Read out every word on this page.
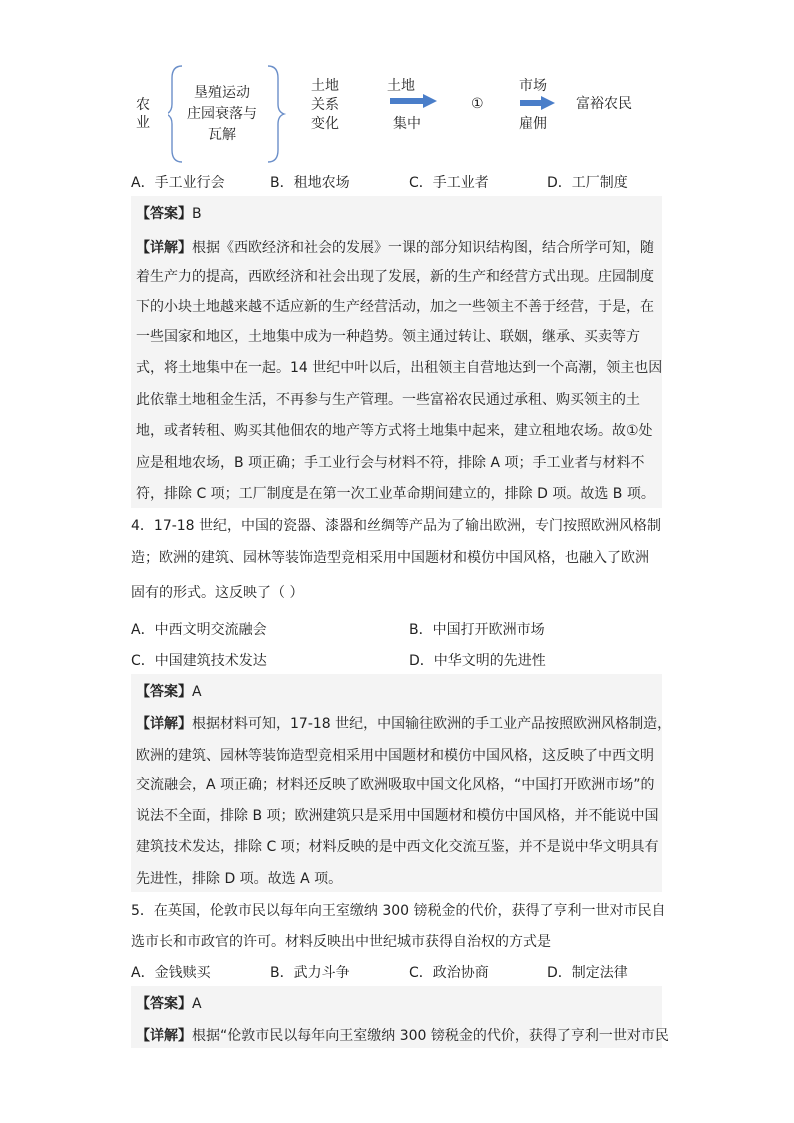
农
业
垦殖运动
庄园衰落与
瓦解
土地
关系
变化
土地
集中
①
市场
雇佣
富裕农民
A．手工业行会	B．租地农场	C．手工业者	D．工厂制度
【答案】B
【详解】根据《西欧经济和社会的发展》一课的部分知识结构图，结合所学可知，随
着生产力的提高，西欧经济和社会出现了发展，新的生产和经营方式出现。庄园制度
下的小块土地越来越不适应新的生产经营活动，加之一些领主不善于经营，于是，在
一些国家和地区，土地集中成为一种趋势。领主通过转让、联姻，继承、买卖等方
式，将土地集中在一起。14 世纪中叶以后，出租领主自营地达到一个高潮，领主也因
此依靠土地租金生活，不再参与生产管理。一些富裕农民通过承租、购买领主的土
地，或者转租、购买其他佃农的地产等方式将土地集中起来，建立租地农场。故①处
应是租地农场，B 项正确；手工业行会与材料不符，排除 A 项；手工业者与材料不
符，排除 C 项；工厂制度是在第一次工业革命期间建立的，排除 D 项。故选 B 项。
4．17-18 世纪，中国的瓷器、漆器和丝绸等产品为了输出欧洲，专门按照欧洲风格制
造；欧洲的建筑、园林等装饰造型竞相采用中国题材和模仿中国风格，也融入了欧洲
固有的形式。这反映了（ ）
A．中西文明交流融会	B．中国打开欧洲市场
C．中国建筑技术发达	D．中华文明的先进性
【答案】A
【详解】根据材料可知，17-18 世纪，中国输往欧洲的手工业产品按照欧洲风格制造，
欧洲的建筑、园林等装饰造型竞相采用中国题材和模仿中国风格，这反映了中西文明
交流融会，A 项正确；材料还反映了欧洲吸取中国文化风格，“中国打开欧洲市场”的
说法不全面，排除 B 项；欧洲建筑只是采用中国题材和模仿中国风格，并不能说中国
建筑技术发达，排除 C 项；材料反映的是中西文化交流互鉴，并不是说中华文明具有
先进性，排除 D 项。故选 A 项。
5．在英国，伦敦市民以每年向王室缴纳 300 镑税金的代价，获得了亨利一世对市民自
选市长和市政官的许可。材料反映出中世纪城市获得自治权的方式是
A．金钱赎买	B．武力斗争	C．政治协商	D．制定法律
【答案】A
【详解】根据“伦敦市民以每年向王室缴纳 300 镑税金的代价，获得了亨利一世对市民
